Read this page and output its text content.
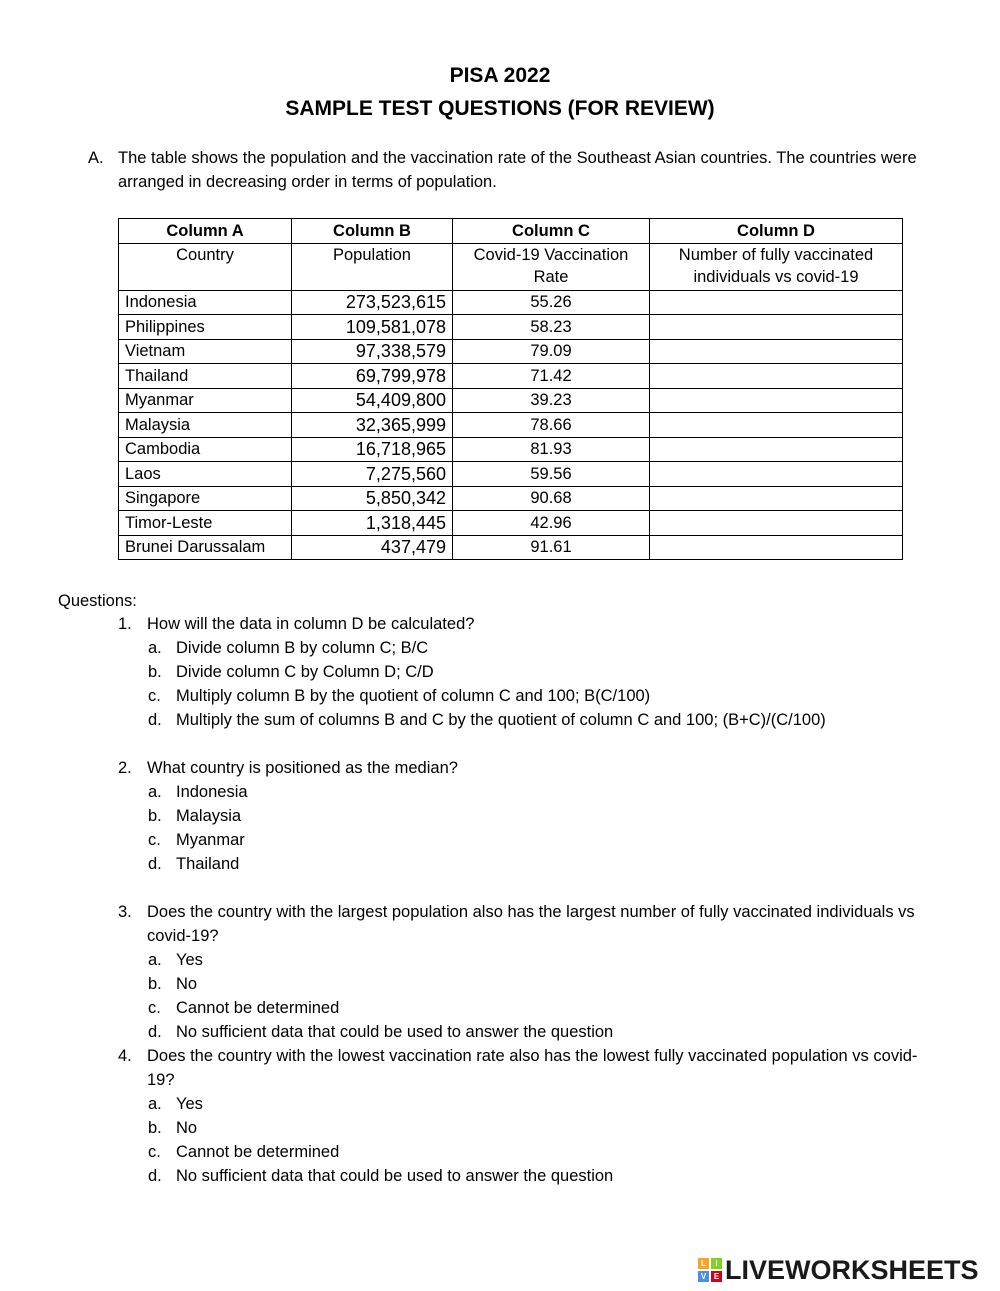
PISA 2022
SAMPLE TEST QUESTIONS (FOR REVIEW)
A. The table shows the population and the vaccination rate of the Southeast Asian countries. The countries were arranged in decreasing order in terms of population.
Column A	Column B	Column C	Column D
Country	Population	Covid-19 Vaccination Rate	Number of fully vaccinated individuals vs covid-19
Indonesia	273,523,615	55.26	
Philippines	109,581,078	58.23	
Vietnam	97,338,579	79.09	
Thailand	69,799,978	71.42	
Myanmar	54,409,800	39.23	
Malaysia	32,365,999	78.66	
Cambodia	16,718,965	81.93	
Laos	7,275,560	59.56	
Singapore	5,850,342	90.68	
Timor-Leste	1,318,445	42.96	
Brunei Darussalam	437,479	91.61	
Questions:
1. How will the data in column D be calculated?
a. Divide column B by column C; B/C
b. Divide column C by Column D; C/D
c. Multiply column B by the quotient of column C and 100; B(C/100)
d. Multiply the sum of columns B and C by the quotient of column C and 100; (B+C)/(C/100)
2. What country is positioned as the median?
a. Indonesia
b. Malaysia
c. Myanmar
d. Thailand
3. Does the country with the largest population also has the largest number of fully vaccinated individuals vs covid-19?
a. Yes
b. No
c. Cannot be determined
d. No sufficient data that could be used to answer the question
4. Does the country with the lowest vaccination rate also has the lowest fully vaccinated population vs covid-19?
a. Yes
b. No
c. Cannot be determined
d. No sufficient data that could be used to answer the question
L	I
V E LIVEWORKSHEETS
